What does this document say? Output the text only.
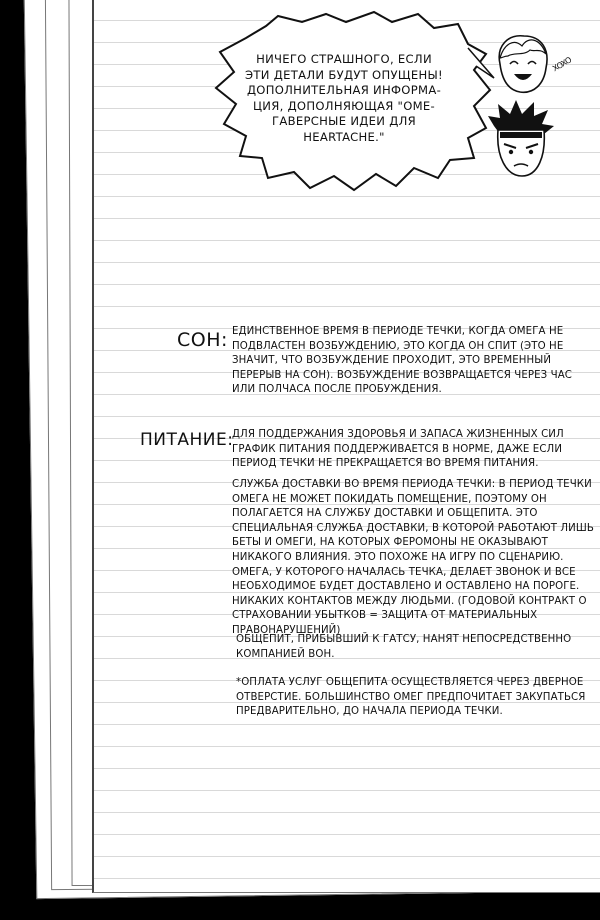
НИЧЕГО СТРАШНОГО, ЕСЛИ ЭТИ ДЕТАЛИ БУДУТ ОПУЩЕНЫ! ДОПОЛНИТЕЛЬНАЯ ИНФОРМА-ЦИЯ, ДОПОЛНЯЮЩАЯ "ОМЕ-ГАВЕРСНЫЕ ИДЕИ ДЛЯ HEARTACHE."
ХОХО
СОН: ЕДИНСТВЕННОЕ ВРЕМЯ В ПЕРИОДЕ ТЕЧКИ, КОГДА ОМЕГА НЕ ПОДВЛАСТЕН ВОЗБУЖДЕНИЮ, ЭТО КОГДА ОН СПИТ (ЭТО НЕ ЗНАЧИТ, ЧТО ВОЗБУЖДЕНИЕ ПРОХОДИТ, ЭТО ВРЕМЕННЫЙ ПЕРЕРЫВ НА СОН). ВОЗБУЖДЕНИЕ ВОЗВРАЩАЕТСЯ ЧЕРЕЗ ЧАС ИЛИ ПОЛЧАСА ПОСЛЕ ПРОБУЖДЕНИЯ.
ПИТАНИЕ:
ДЛЯ ПОДДЕРЖАНИЯ ЗДОРОВЬЯ И ЗАПАСА ЖИЗНЕННЫХ СИЛ ГРАФИК ПИТАНИЯ ПОДДЕРЖИВАЕТСЯ В НОРМЕ, ДАЖЕ ЕСЛИ ПЕРИОД ТЕЧКИ НЕ ПРЕКРАЩАЕТСЯ ВО ВРЕМЯ ПИТАНИЯ.
СЛУЖБА ДОСТАВКИ ВО ВРЕМЯ ПЕРИОДА ТЕЧКИ: В ПЕРИОД ТЕЧКИ ОМЕГА НЕ МОЖЕТ ПОКИДАТЬ ПОМЕЩЕНИЕ, ПОЭТОМУ ОН ПОЛАГАЕТСЯ НА СЛУЖБУ ДОСТАВКИ И ОБЩЕПИТА. ЭТО СПЕЦИАЛЬНАЯ СЛУЖБА ДОСТАВКИ, В КОТОРОЙ РАБОТАЮТ ЛИШЬ БЕТЫ И ОМЕГИ, НА КОТОРЫХ ФЕРОМОНЫ НЕ ОКАЗЫВАЮТ НИКАКОГО ВЛИЯНИЯ. ЭТО ПОХОЖЕ НА ИГРУ ПО СЦЕНАРИЮ. ОМЕГА, У КОТОРОГО НАЧАЛАСЬ ТЕЧКА, ДЕЛАЕТ ЗВОНОК И ВСЕ НЕОБХОДИМОЕ БУДЕТ ДОСТАВЛЕНО И ОСТАВЛЕНО НА ПОРОГЕ. НИКАКИХ КОНТАКТОВ МЕЖДУ ЛЮДЬМИ. (ГОДОВОЙ КОНТРАКТ О СТРАХОВАНИИ УБЫТКОВ = ЗАЩИТА ОТ МАТЕРИАЛЬНЫХ ПРАВОНАРУШЕНИЙ)
ОБЩЕПИТ, ПРИБЫВШИЙ К ГАТСУ, НАНЯТ НЕПОСРЕДСТВЕННО КОМПАНИЕЙ ВОН.
*ОПЛАТА УСЛУГ ОБЩЕПИТА ОСУЩЕСТВЛЯЕТСЯ ЧЕРЕЗ ДВЕРНОЕ ОТВЕРСТИЕ. БОЛЬШИНСТВО ОМЕГ ПРЕДПОЧИТАЕТ ЗАКУПАТЬСЯ ПРЕДВАРИТЕЛЬНО, ДО НАЧАЛА ПЕРИОДА ТЕЧКИ.
